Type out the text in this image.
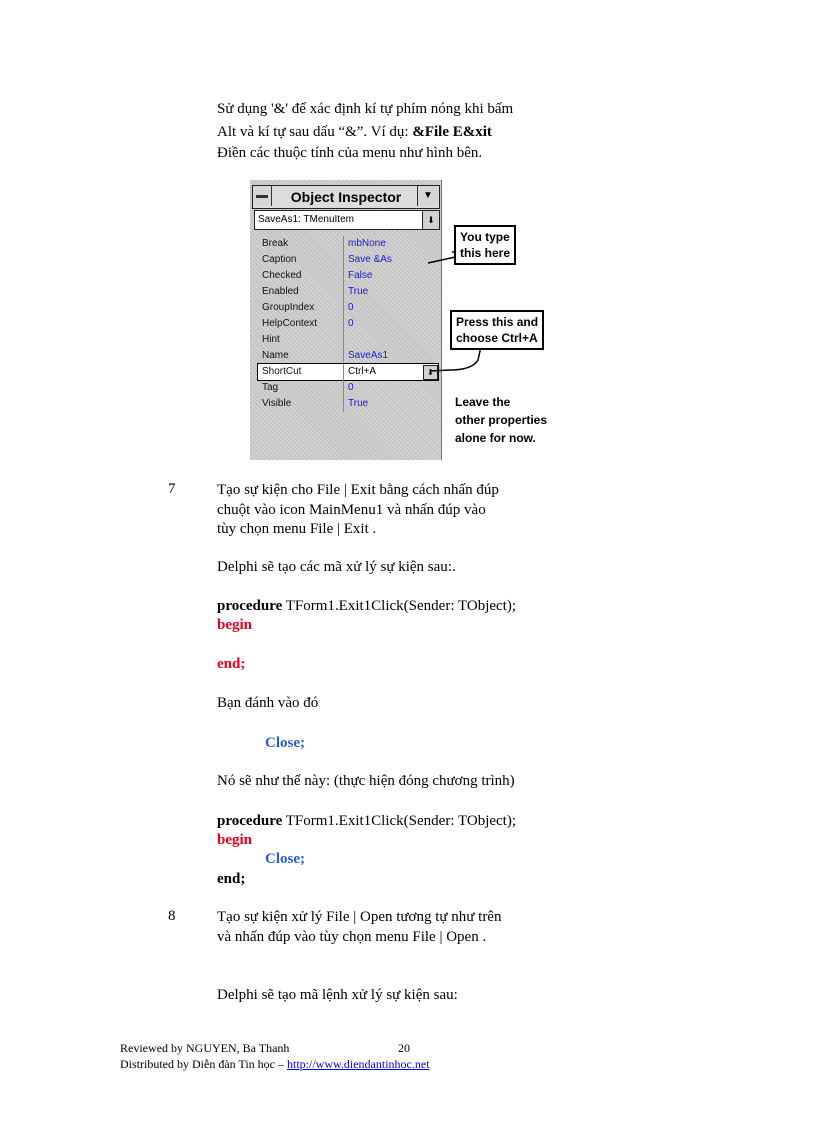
Sử dụng '&' để xác định kí tự phím nóng khi bấm
Alt và kí tự sau dấu “&”. Ví dụ: &File E&xit
Điền các thuộc tính của menu như hình bên.
Object Inspector	▼
SaveAs1: TMenuItem	⬇
Break	mbNone
Caption	Save &As
Checked	False
Enabled	True
GroupIndex	0
HelpContext	0
Hint
Name	SaveAs1
ShortCut	Ctrl+A	⬇
Tag	0
Visible	True
You type
this here
Press this and
choose Ctrl+A
Leave the
other properties
alone for now.
7	Tạo sự kiện cho File | Exit bằng cách nhấn đúp
chuột vào icon MainMenu1 và nhấn đúp vào
tùy chọn menu File | Exit .
Delphi sẽ tạo các mã xử lý sự kiện sau:.
procedure TForm1.Exit1Click(Sender: TObject);
begin
end;
Bạn đánh vào đó
Close;
Nó sẽ như thế này: (thực hiện đóng chương trình)
procedure TForm1.Exit1Click(Sender: TObject);
begin
Close;
end;
8	Tạo sự kiện xử lý File | Open tương tự như trên
và nhấn đúp vào tùy chọn menu File | Open .
Delphi sẽ tạo mã lệnh xử lý sự kiện sau:
Reviewed by NGUYEN, Ba Thanh	20
Distributed by Diễn đàn Tin học – http://www.diendantinhoc.net
